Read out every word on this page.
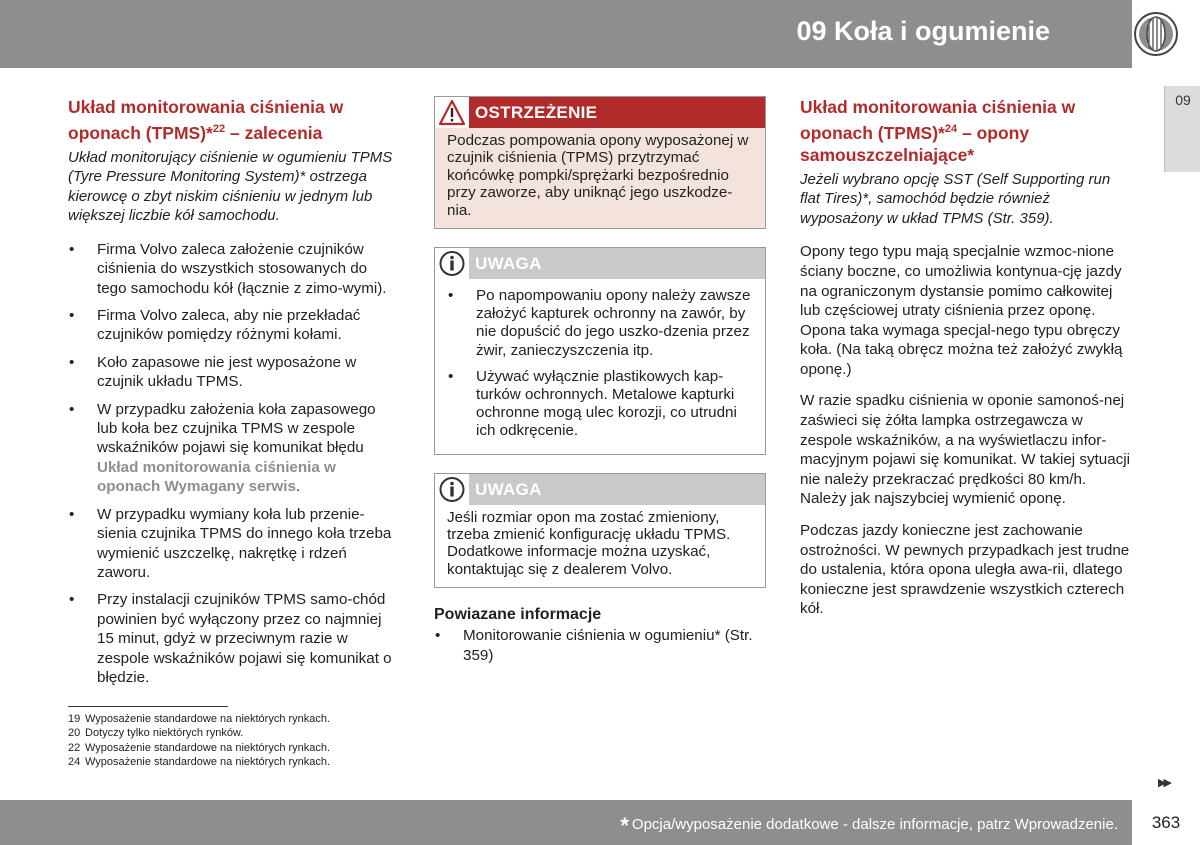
09 Koła i ogumienie
09
Układ monitorowania ciśnienia w oponach (TPMS)*$^{22}$ – zalecenia

Układ monitorujący ciśnienie w ogumieniu TPMS (Tyre Pressure Monitoring System)* ostrzega kierowcę o zbyt niskim ciśnieniu w jednym lub większej liczbie kół samochodu.

• Firma Volvo zaleca założenie czujników ciśnienia do wszystkich stosowanych do tego samochodu kół (łącznie z zimo-wymi).
• Firma Volvo zaleca, aby nie przekładać czujników pomiędzy różnymi kołami.
• Koło zapasowe nie jest wyposażone w czujnik układu TPMS.
• W przypadku założenia koła zapasowego lub koła bez czujnika TPMS w zespole wskaźników pojawi się komunikat błędu Układ monitorowania ciśnienia w oponach Wymagany serwis.
• W przypadku wymiany koła lub przenie-sienia czujnika TPMS do innego koła trzeba wymienić uszczelkę, nakrętkę i rdzeń zaworu.
• Przy instalacji czujników TPMS samo-chód powinien być wyłączony przez co najmniej 15 minut, gdyż w przeciwnym razie w zespole wskaźników pojawi się komunikat o błędzie.
OSTRZEŻENIE
Podczas pompowania opony wyposażonej w czujnik ciśnienia (TPMS) przytrzymać końcówkę pompki/sprężarki bezpośrednio przy zaworze, aby uniknąć jego uszkodze-nia.
UWAGA
• Po napompowaniu opony należy zawsze założyć kapturek ochronny na zawór, by nie dopuścić do jego uszko-dzenia przez żwir, zanieczyszczenia itp.
• Używać wyłącznie plastikowych kap-turków ochronnych. Metalowe kapturki ochronne mogą ulec korozji, co utrudni ich odkręcenie.
UWAGA
Jeśli rozmiar opon ma zostać zmieniony, trzeba zmienić konfigurację układu TPMS. Dodatkowe informacje można uzyskać, kontaktując się z dealerem Volvo.
Powiazane informacje
• Monitorowanie ciśnienia w ogumieniu* (Str. 359)
Układ monitorowania ciśnienia w oponach (TPMS)*$^{24}$ – opony samouszczelniające*

Jeżeli wybrano opcję SST (Self Supporting run flat Tires)*, samochód będzie również wyposażony w układ TPMS (Str. 359).

Opony tego typu mają specjalnie wzmoc-nione ściany boczne, co umożliwia kontynua-cję jazdy na ograniczonym dystansie pomimo całkowitej lub częściowej utraty ciśnienia przez oponę. Opona taka wymaga specjal-nego typu obręczy koła. (Na taką obręcz można też założyć zwykłą oponę.)

W razie spadku ciśnienia w oponie samonoś-nej zaświeci się żółta lampka ostrzegawcza w zespole wskaźników, a na wyświetlaczu infor-macyjnym pojawi się komunikat. W takiej sytuacji nie należy przekraczać prędkości 80 km/h. Należy jak najszybciej wymienić oponę.

Podczas jazdy konieczne jest zachowanie ostrożności. W pewnych przypadkach jest trudne do ustalenia, która opona uległa awa-rii, dlatego konieczne jest sprawdzenie wszystkich czterech kół.

19 Wyposażenie standardowe na niektórych rynkach.
20 Dotyczy tylko niektórych rynków.
22 Wyposażenie standardowe na niektórych rynkach.
24 Wyposażenie standardowe na niektórych rynkach.
▶▶
* Opcja/wyposażenie dodatkowe - dalsze informacje, patrz Wprowadzenie.	363
